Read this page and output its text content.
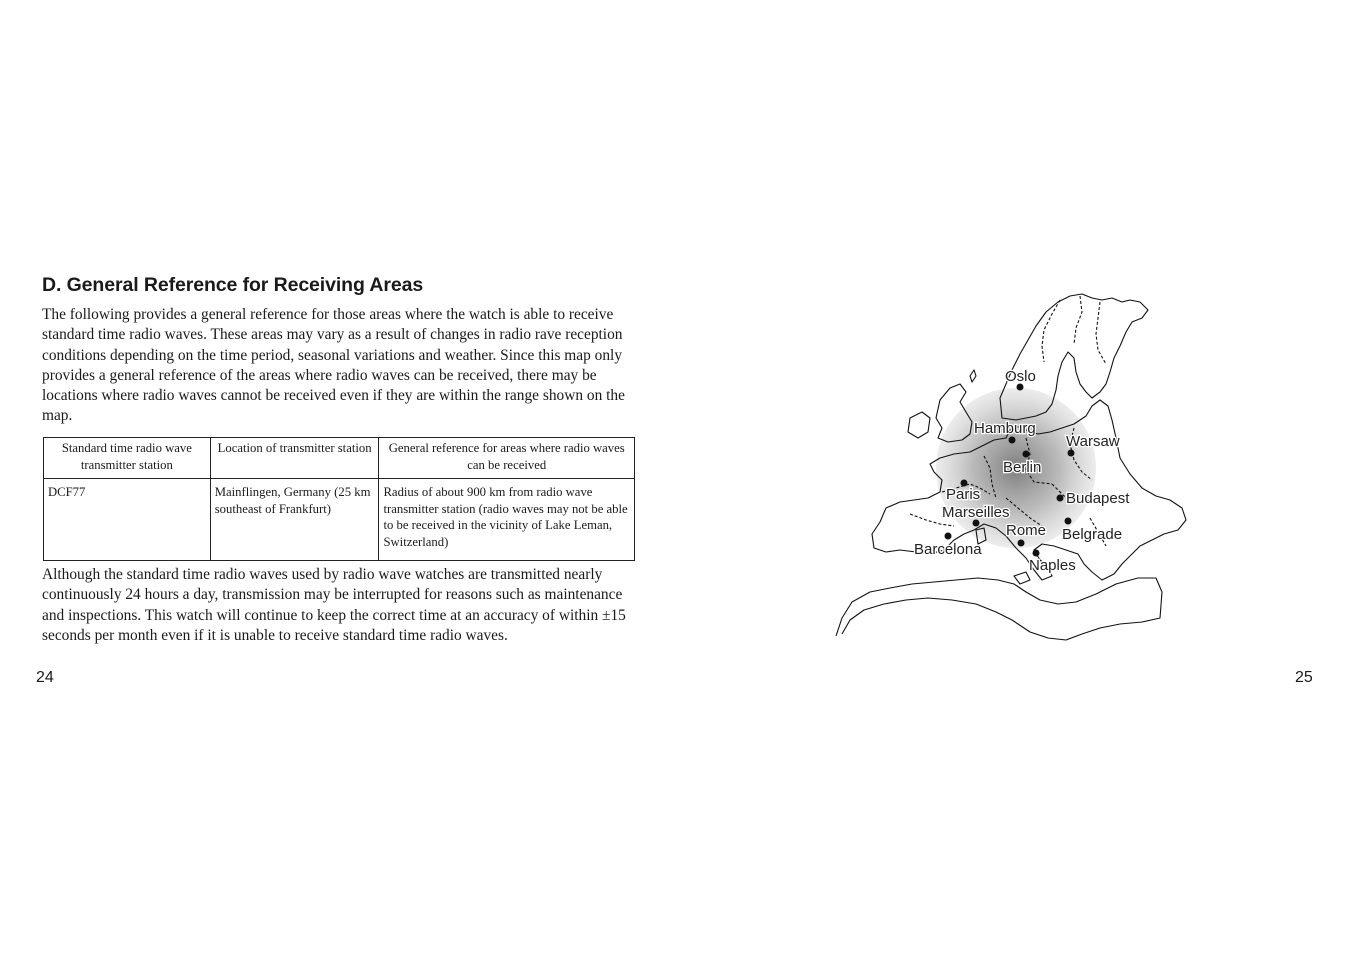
D. General Reference for Receiving Areas
The following provides a general reference for those areas where the watch is able to receive standard time radio waves. These areas may vary as a result of changes in radio rave reception conditions depending on the time period, seasonal variations and weather. Since this map only provides a general reference of the areas where radio waves can be received, there may be locations where radio waves cannot be received even if they are within the range shown on the map.
Standard time radio wave transmitter station	Location of transmitter station	General reference for areas where radio waves can be received
DCF77	Mainflingen, Germany (25 km southeast of Frankfurt)	Radius of about 900 km from radio wave transmitter station (radio waves may not be able to be received in the vicinity of Lake Leman, Switzerland)
Although the standard time radio waves used by radio wave watches are transmitted nearly continuously 24 hours a day, transmission may be interrupted for reasons such as maintenance and inspections. This watch will continue to keep the correct time at an accuracy of within ±15 seconds per month even if it is unable to receive standard time radio waves.
24	25
Oslo
Hamburg
Warsaw
Berlin
Paris	Budapest
Marseilles
Rome Belgrade
Barcelona
Naples
